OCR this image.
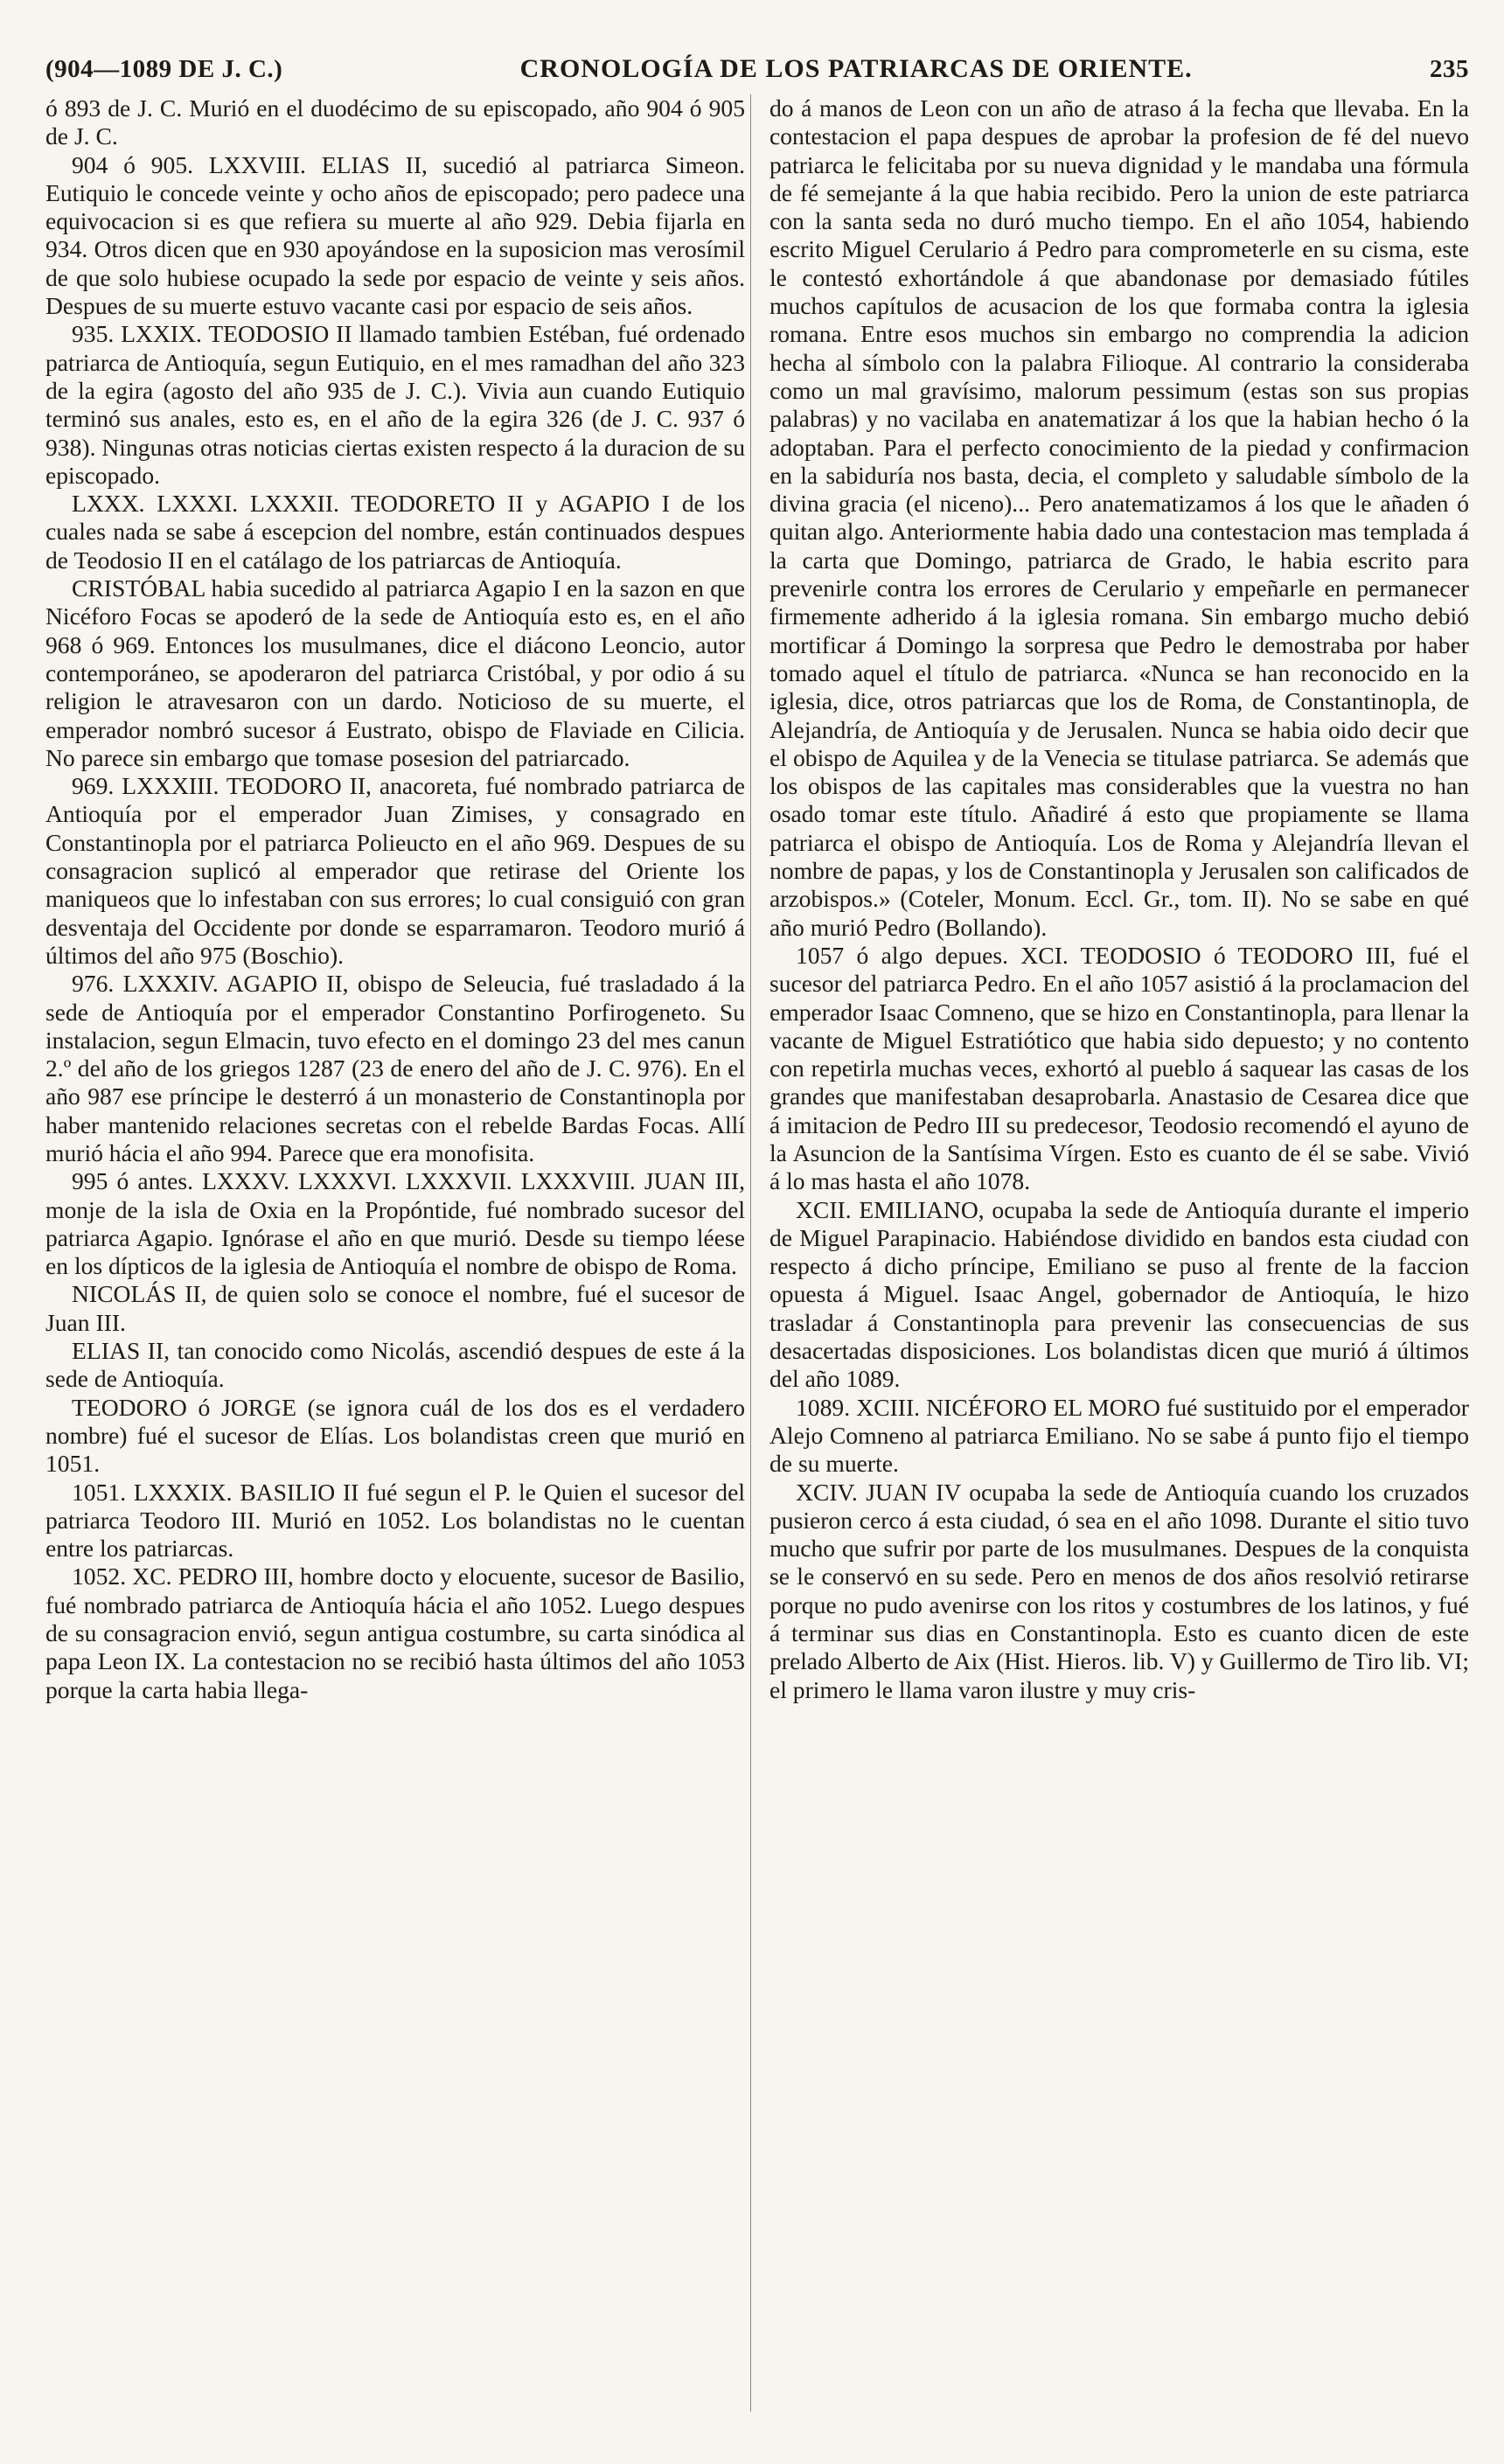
(904—1089 DE J. C.)	CRONOLOGÍA DE LOS PATRIARCAS DE ORIENTE.	235

ó 893 de J. C. Murió en el duodécimo de su episcopado, año 904 ó 905 de J. C.

904 ó 905. LXXVIII. ELIAS II, sucedió al patriarca Simeon. Eutiquio le concede veinte y ocho años de episcopado; pero padece una equivocacion si es que refiera su muerte al año 929. Debia fijarla en 934. Otros dicen que en 930 apoyándose en la suposicion mas verosímil de que solo hubiese ocupado la sede por espacio de veinte y seis años. Despues de su muerte estuvo vacante casi por espacio de seis años.

935. LXXIX. TEODOSIO II llamado tambien Estéban, fué ordenado patriarca de Antioquía, segun Eutiquio, en el mes ramadhan del año 323 de la egira (agosto del año 935 de J. C.). Vivia aun cuando Eutiquio terminó sus anales, esto es, en el año de la egira 326 (de J. C. 937 ó 938). Ningunas otras noticias ciertas existen respecto á la duracion de su episcopado.

LXXX. LXXXI. LXXXII. TEODORETO II y AGAPIO I de los cuales nada se sabe á escepcion del nombre, están continuados despues de Teodosio II en el catálago de los patriarcas de Antioquía.

CRISTÓBAL habia sucedido al patriarca Agapio I en la sazon en que Nicéforo Focas se apoderó de la sede de Antioquía esto es, en el año 968 ó 969. Entonces los musulmanes, dice el diácono Leoncio, autor contemporáneo, se apoderaron del patriarca Cristóbal, y por odio á su religion le atravesaron con un dardo. Noticioso de su muerte, el emperador nombró sucesor á Eustrato, obispo de Flaviade en Cilicia. No parece sin embargo que tomase posesion del patriarcado.

969. LXXXIII. TEODORO II, anacoreta, fué nombrado patriarca de Antioquía por el emperador Juan Zimises, y consagrado en Constantinopla por el patriarca Polieucto en el año 969. Despues de su consagracion suplicó al emperador que retirase del Oriente los maniqueos que lo infestaban con sus errores; lo cual consiguió con gran desventaja del Occidente por donde se esparramaron. Teodoro murió á últimos del año 975 (Boschio).

976. LXXXIV. AGAPIO II, obispo de Seleucia, fué trasladado á la sede de Antioquía por el emperador Constantino Porfirogeneto. Su instalacion, segun Elmacin, tuvo efecto en el domingo 23 del mes canun 2.º del año de los griegos 1287 (23 de enero del año de J. C. 976). En el año 987 ese príncipe le desterró á un monasterio de Constantinopla por haber mantenido relaciones secretas con el rebelde Bardas Focas. Allí murió hácia el año 994. Parece que era monofisita.

995 ó antes. LXXXV. LXXXVI. LXXXVII. LXXXVIII. JUAN III, monje de la isla de Oxia en la Propóntide, fué nombrado sucesor del patriarca Agapio. Ignórase el año en que murió. Desde su tiempo léese en los dípticos de la iglesia de Antioquía el nombre de obispo de Roma.

NICOLÁS II, de quien solo se conoce el nombre, fué el sucesor de Juan III.

ELIAS II, tan conocido como Nicolás, ascendió despues de este á la sede de Antioquía.

TEODORO ó JORGE (se ignora cuál de los dos es el verdadero nombre) fué el sucesor de Elías. Los bolandistas creen que murió en 1051.

1051. LXXXIX. BASILIO II fué segun el P. le Quien el sucesor del patriarca Teodoro III. Murió en 1052. Los bolandistas no le cuentan entre los patriarcas.

1052. XC. PEDRO III, hombre docto y elocuente, sucesor de Basilio, fué nombrado patriarca de Antioquía hácia el año 1052. Luego despues de su consagracion envió, segun antigua costumbre, su carta sinódica al papa Leon IX. La contestacion no se recibió hasta últimos del año 1053 porque la carta habia llega-

do á manos de Leon con un año de atraso á la fecha que llevaba. En la contestacion el papa despues de aprobar la profesion de fé del nuevo patriarca le felicitaba por su nueva dignidad y le mandaba una fórmula de fé semejante á la que habia recibido. Pero la union de este patriarca con la santa seda no duró mucho tiempo. En el año 1054, habiendo escrito Miguel Cerulario á Pedro para comprometerle en su cisma, este le contestó exhortándole á que abandonase por demasiado fútiles muchos capítulos de acusacion de los que formaba contra la iglesia romana. Entre esos muchos sin embargo no comprendia la adicion hecha al símbolo con la palabra Filioque. Al contrario la consideraba como un mal gravísimo, malorum pessimum (estas son sus propias palabras) y no vacilaba en anatematizar á los que la habian hecho ó la adoptaban. Para el perfecto conocimiento de la piedad y confirmacion en la sabiduría nos basta, decia, el completo y saludable símbolo de la divina gracia (el niceno)... Pero anatematizamos á los que le añaden ó quitan algo. Anteriormente habia dado una contestacion mas templada á la carta que Domingo, patriarca de Grado, le habia escrito para prevenirle contra los errores de Cerulario y empeñarle en permanecer firmemente adherido á la iglesia romana. Sin embargo mucho debió mortificar á Domingo la sorpresa que Pedro le demostraba por haber tomado aquel el título de patriarca. «Nunca se han reconocido en la iglesia, dice, otros patriarcas que los de Roma, de Constantinopla, de Alejandría, de Antioquía y de Jerusalen. Nunca se habia oido decir que el obispo de Aquilea y de la Venecia se titulase patriarca. Se además que los obispos de las capitales mas considerables que la vuestra no han osado tomar este título. Añadiré á esto que propiamente se llama patriarca el obispo de Antioquía. Los de Roma y Alejandría llevan el nombre de papas, y los de Constantinopla y Jerusalen son calificados de arzobispos.» (Coteler, Monum. Eccl. Gr., tom. II). No se sabe en qué año murió Pedro (Bollando).

1057 ó algo depues. XCI. TEODOSIO ó TEODORO III, fué el sucesor del patriarca Pedro. En el año 1057 asistió á la proclamacion del emperador Isaac Comneno, que se hizo en Constantinopla, para llenar la vacante de Miguel Estratiótico que habia sido depuesto; y no contento con repetirla muchas veces, exhortó al pueblo á saquear las casas de los grandes que manifestaban desaprobarla. Anastasio de Cesarea dice que á imitacion de Pedro III su predecesor, Teodosio recomendó el ayuno de la Asuncion de la Santísima Vírgen. Esto es cuanto de él se sabe. Vivió á lo mas hasta el año 1078.

XCII. EMILIANO, ocupaba la sede de Antioquía durante el imperio de Miguel Parapinacio. Habiéndose dividido en bandos esta ciudad con respecto á dicho príncipe, Emiliano se puso al frente de la faccion opuesta á Miguel. Isaac Angel, gobernador de Antioquía, le hizo trasladar á Constantinopla para prevenir las consecuencias de sus desacertadas disposiciones. Los bolandistas dicen que murió á últimos del año 1089.

1089. XCIII. NICÉFORO EL MORO fué sustituido por el emperador Alejo Comneno al patriarca Emiliano. No se sabe á punto fijo el tiempo de su muerte.

XCIV. JUAN IV ocupaba la sede de Antioquía cuando los cruzados pusieron cerco á esta ciudad, ó sea en el año 1098. Durante el sitio tuvo mucho que sufrir por parte de los musulmanes. Despues de la conquista se le conservó en su sede. Pero en menos de dos años resolvió retirarse porque no pudo avenirse con los ritos y costumbres de los latinos, y fué á terminar sus dias en Constantinopla. Esto es cuanto dicen de este prelado Alberto de Aix (Hist. Hieros. lib. V) y Guillermo de Tiro lib. VI; el primero le llama varon ilustre y muy cris-
